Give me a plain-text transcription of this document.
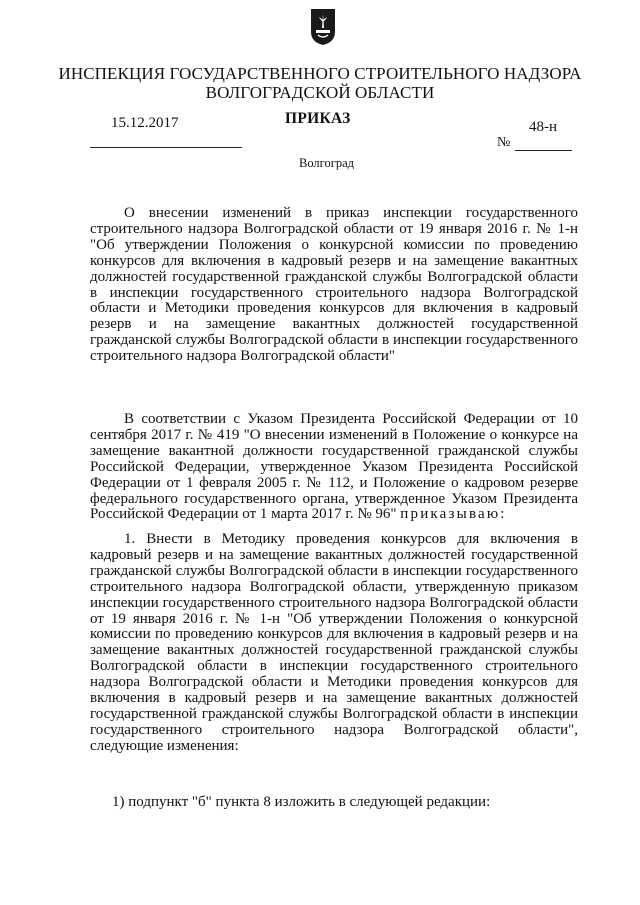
ИНСПЕКЦИЯ ГОСУДАРСТВЕННОГО СТРОИТЕЛЬНОГО НАДЗОРА
ВОЛГОГРАДСКОЙ ОБЛАСТИ
15.12.2017	ПРИКАЗ	48-н
№
Волгоград
О внесении изменений в приказ инспекции государственного строительного надзора Волгоградской области от 19 января 2016 г. № 1-н "Об утверждении Положения о конкурсной комиссии по проведению конкурсов для включения в кадровый резерв и на замещение вакантных должностей государственной гражданской службы Волгоградской области в инспекции государственного строительного надзора Волгоградской области и Методики проведения конкурсов для включения в кадровый резерв и на замещение вакантных должностей государственной гражданской службы Волгоградской области в инспекции государственного строительного надзора Волгоградской области"
В соответствии с Указом Президента Российской Федерации от 10 сентября 2017 г. № 419 "О внесении изменений в Положение о конкурсе на замещение вакантной должности государственной гражданской службы Российской Федерации, утвержденное Указом Президента Российской Федерации от 1 февраля 2005 г. № 112, и Положение о кадровом резерве федерального государственного органа, утвержденное Указом Президента Российской Федерации от 1 марта 2017 г. № 96" приказываю:
1. Внести в Методику проведения конкурсов для включения в кадровый резерв и на замещение вакантных должностей государственной гражданской службы Волгоградской области в инспекции государственного строительного надзора Волгоградской области, утвержденную приказом инспекции государственного строительного надзора Волгоградской области от 19 января 2016 г. № 1-н "Об утверждении Положения о конкурсной комиссии по проведению конкурсов для включения в кадровый резерв и на замещение вакантных должностей государственной гражданской службы Волгоградской области в инспекции государственного строительного надзора Волгоградской области и Методики проведения конкурсов для включения в кадровый резерв и на замещение вакантных должностей государственной гражданской службы Волгоградской области в инспекции государственного строительного надзора Волгоградской области", следующие изменения:
1) подпункт "б" пункта 8 изложить в следующей редакции:
